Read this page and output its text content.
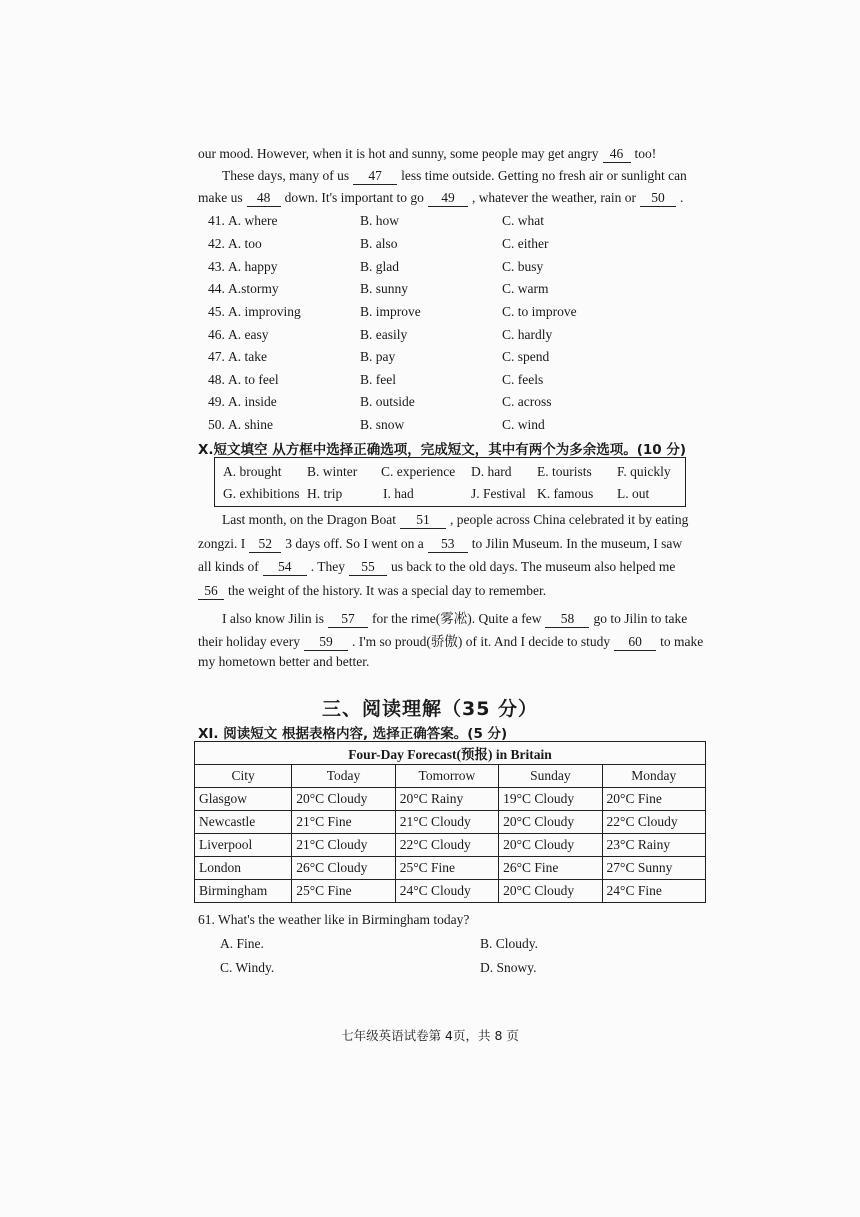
our mood. However, when it is hot and sunny, some people may get angry 46 too!
These days, many of us 47 less time outside. Getting no fresh air or sunlight can
make us 48 down. It's important to go 49 , whatever the weather, rain or 50 .
41. A. where	B. how	C. what
42. A. too	B. also	C. either
43. A. happy	B. glad	C. busy
44. A.stormy	B. sunny	C. warm
45. A. improving	B. improve	C. to improve
46. A. easy	B. easily	C. hardly
47. A. take	B. pay	C. spend
48. A. to feel	B. feel	C. feels
49. A. inside	B. outside	C. across
50. A. shine	B. snow	C. wind
X.短文填空 从方框中选择正确选项，完成短文，其中有两个为多余选项。(10 分)
A. brought B. winter C. experience D. hard E. tourists F. quickly
G. exhibitions H. trip	I. had	J. Festival K. famous L. out
Last month, on the Dragon Boat 51 , people across China celebrated it by eating
zongzi. I 52 3 days off. So I went on a 53 to Jilin Museum. In the museum, I saw
all kinds of 54 . They 55 us back to the old days. The museum also helped me
56 the weight of the history. It was a special day to remember.
I also know Jilin is 57 for the rime(雾凇). Quite a few 58 go to Jilin to take
their holiday every 59 . I'm so proud(骄傲) of it. And I decide to study 60 to make
my hometown better and better.
三、阅读理解（35 分）
XI. 阅读短文 根据表格内容, 选择正确答案。(5 分)
Four-Day Forecast(预报) in Britain				
City	Today	Tomorrow	Sunday	Monday
Glasgow	20°C Cloudy	20°C Rainy	19°C Cloudy	20°C Fine
Newcastle	21°C Fine	21°C Cloudy	20°C Cloudy	22°C Cloudy
Liverpool	21°C Cloudy	22°C Cloudy	20°C Cloudy	23°C Rainy
London	26°C Cloudy	25°C Fine	26°C Fine	27°C Sunny
Birmingham	25°C Fine	24°C Cloudy	20°C Cloudy	24°C Fine
61. What's the weather like in Birmingham today?
A. Fine.	B. Cloudy.
C. Windy.	D. Snowy.
七年级英语试卷第 4页，共 8 页
